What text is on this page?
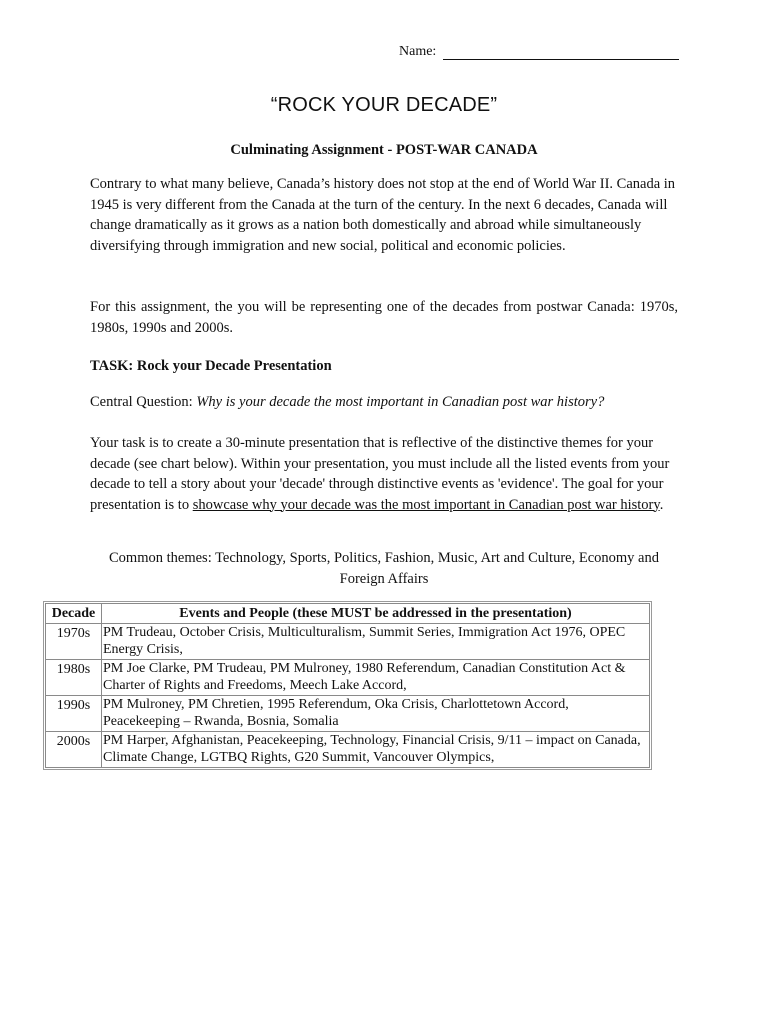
Name:
“ROCK YOUR DECADE”
Culminating Assignment - POST-WAR CANADA

Contrary to what many believe, Canada’s history does not stop at the end of World War II. Canada in 1945 is very different from the Canada at the turn of the century. In the next 6 decades, Canada will change dramatically as it grows as a nation both domestically and abroad while simultaneously diversifying through immigration and new social, political and economic policies.

For this assignment, the you will be representing one of the decades from postwar Canada: 1970s, 1980s, 1990s and 2000s.

TASK: Rock your Decade Presentation

Central Question: Why is your decade the most important in Canadian post war history?

Your task is to create a 30-minute presentation that is reflective of the distinctive themes for your decade (see chart below). Within your presentation, you must include all the listed events from your decade to tell a story about your 'decade' through distinctive events as 'evidence'. The goal for your presentation is to showcase why your decade was the most important in Canadian post war history.

Common themes: Technology, Sports, Politics, Fashion, Music, Art and Culture, Economy and Foreign Affairs

Decade	Events and People (these MUST be addressed in the presentation)
1970s	PM Trudeau, October Crisis, Multiculturalism, Summit Series, Immigration Act 1976, OPEC Energy Crisis,
1980s	PM Joe Clarke, PM Trudeau, PM Mulroney, 1980 Referendum, Canadian Constitution Act & Charter of Rights and Freedoms, Meech Lake Accord,
1990s	PM Mulroney, PM Chretien, 1995 Referendum, Oka Crisis, Charlottetown Accord, Peacekeeping – Rwanda, Bosnia, Somalia
2000s	PM Harper, Afghanistan, Peacekeeping, Technology, Financial Crisis, 9/11 – impact on Canada, Climate Change, LGTBQ Rights, G20 Summit, Vancouver Olympics,
